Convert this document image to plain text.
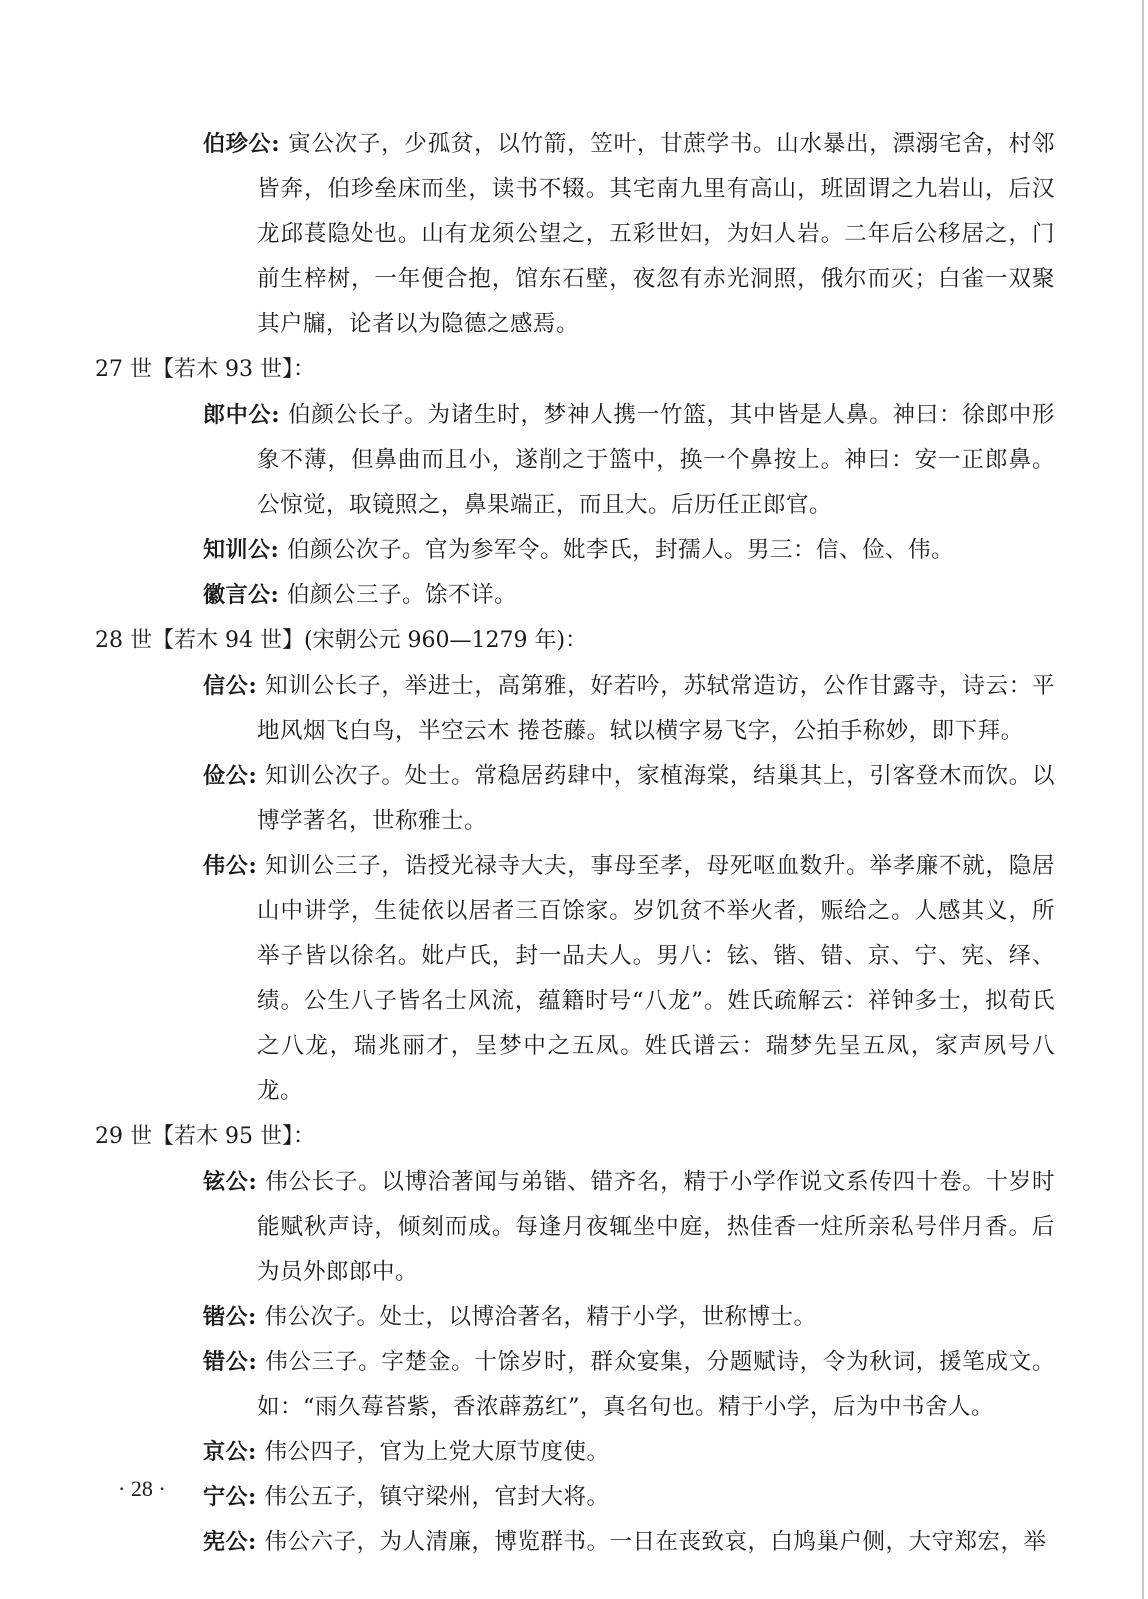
伯珍公: 寅公次子，少孤贫，以竹箭，笠叶，甘蔗学书。山水暴出，漂溺宅舍，村邻皆奔，伯珍垒床而坐，读书不辍。其宅南九里有高山，班固谓之九岩山，后汉龙邱萇隐处也。山有龙须公望之，五彩世妇，为妇人岩。二年后公移居之，门前生梓树，一年便合抱，馆东石壁，夜忽有赤光洞照，俄尔而灭；白雀一双聚其户牖，论者以为隐德之感焉。
27 世【若木 93 世】：
郎中公: 伯颜公长子。为诸生时，梦神人携一竹篮，其中皆是人鼻。神曰：徐郎中形象不薄，但鼻曲而且小，遂削之于篮中，换一个鼻按上。神曰：安一正郎鼻。公惊觉，取镜照之，鼻果端正，而且大。后历任正郎官。
知训公: 伯颜公次子。官为参军令。妣李氏，封孺人。男三：信、俭、伟。
徽言公: 伯颜公三子。馀不详。
28 世【若木 94 世】(宋朝公元 960—1279 年)：
信公: 知训公长子，举进士，高第雅，好若吟，苏轼常造访，公作甘露寺，诗云：平地风烟飞白鸟，半空云木 捲苍藤。轼以横字易飞字，公拍手称妙，即下拜。
俭公: 知训公次子。处士。常稳居药肆中，家植海棠，结巢其上，引客登木而饮。以博学著名，世称雅士。
伟公: 知训公三子，诰授光禄寺大夫，事母至孝，母死呕血数升。举孝廉不就，隐居山中讲学，生徒依以居者三百馀家。岁饥贫不举火者，赈给之。人感其义，所举子皆以徐名。妣卢氏，封一品夫人。男八：铉、锴、错、京、宁、宪、绎、绩。公生八子皆名士风流，蕴籍时号“八龙”。姓氏疏解云：祥钟多士，拟荀氏之八龙，瑞兆丽才，呈梦中之五凤。姓氏谱云：瑞梦先呈五凤，家声夙号八龙。
29 世【若木 95 世】：
铉公: 伟公长子。以博洽著闻与弟锴、错齐名，精于小学作说文系传四十卷。十岁时能赋秋声诗，倾刻而成。每逢月夜辄坐中庭，热佳香一炷所亲私号伴月香。后为员外郎郎中。
锴公: 伟公次子。处士，以博洽著名，精于小学，世称博士。
错公: 伟公三子。字楚金。十馀岁时，群众宴集，分题赋诗，令为秋词，援笔成文。如：“雨久莓苔紫，香浓薜荔红”，真名句也。精于小学，后为中书舍人。
京公: 伟公四子，官为上党大原节度使。
宁公: 伟公五子，镇守梁州，官封大将。
宪公: 伟公六子，为人清廉，博览群书。一日在丧致哀，白鸠巢户侧，大守郑宏，举
· 28 ·
